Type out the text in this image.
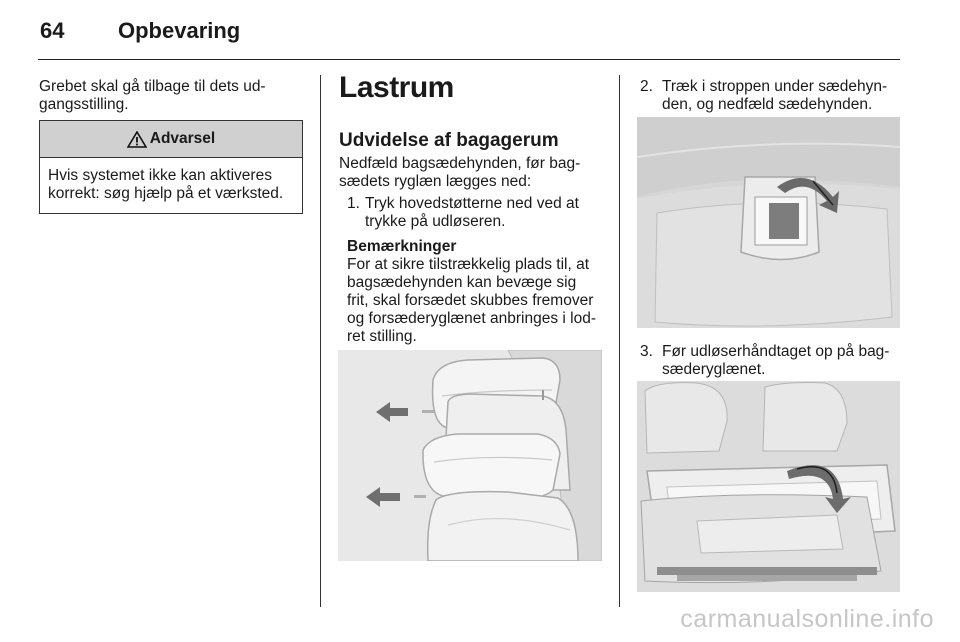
64 Opbevaring
Grebet skal gå tilbage til dets ud-
gangsstilling.
Advarsel
Hvis systemet ikke kan aktiveres
korrekt: søg hjælp på et værksted.
Lastrum
Udvidelse af bagagerum
Nedfæld bagsædehynden, før bag-
sædets ryglæn lægges ned:
1. Tryk hovedstøtterne ned ved at
trykke på udløseren.
Bemærkninger
For at sikre tilstrækkelig plads til, at
bagsædehynden kan bevæge sig
frit, skal forsædet skubbes fremover
og forsæderyglænet anbringes i lod-
ret stilling.
2. Træk i stroppen under sædehyn-
den, og nedfæld sædehynden.
3. Før udløserhåndtaget op på bag-
sæderyglænet.
carmanualsonline.info
